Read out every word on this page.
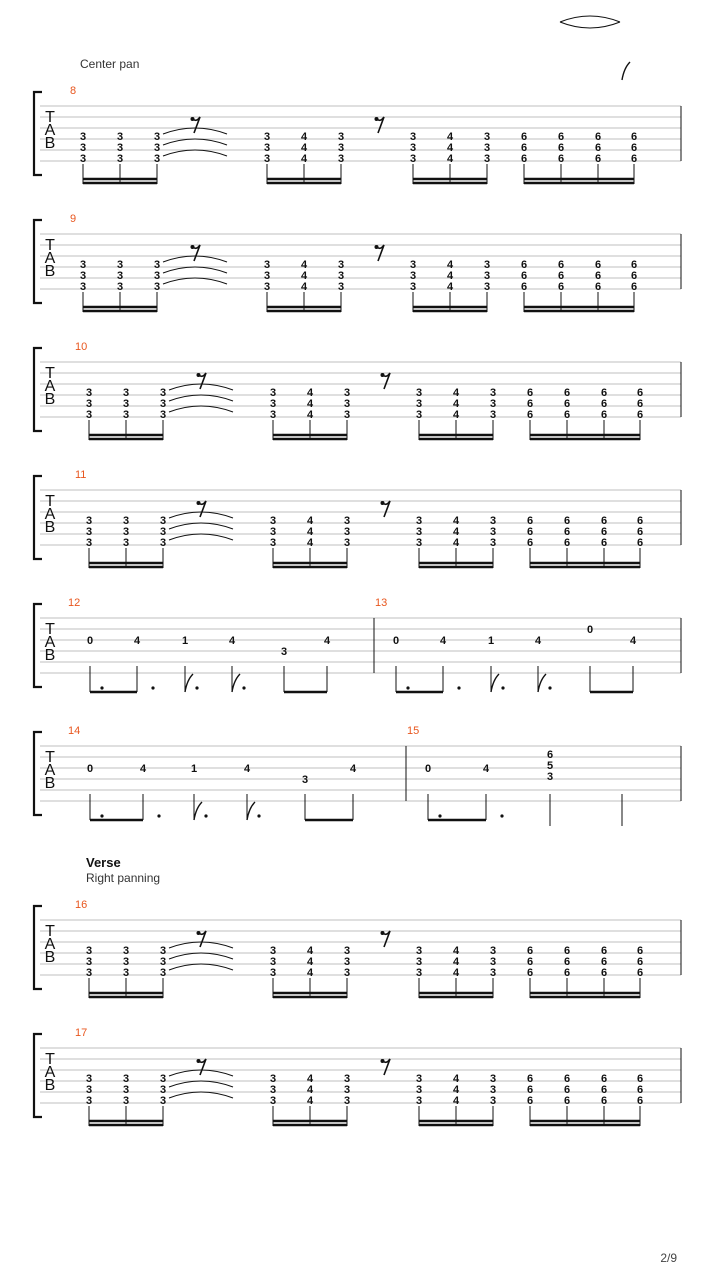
Center pan
Verse
Right panning
T
A
B
8
3
3
3
3
3
3
3
3
3
3
3
3
4
4
4
3
3
3
3
3
3
4
4
4
3
3
3
6
6
6
6
6
6
6
6
6
6
6
6
T
A
B
9
3
3
3
3
3
3
3
3
3
3
3
3
4
4
4
3
3
3
3
3
3
4
4
4
3
3
3
6
6
6
6
6
6
6
6
6
6
6
6
T
A
B
10
3
3
3
3
3
3
3
3
3
3
3
3
4
4
4
3
3
3
3
3
3
4
4
4
3
3
3
6
6
6
6
6
6
6
6
6
6
6
6
T
A
B
11
3
3
3
3
3
3
3
3
3
3
3
3
4
4
4
3
3
3
3
3
3
4
4
4
3
3
3
6
6
6
6
6
6
6
6
6
6
6
6
T
A
B
12
0	4	1	4
3
4
13
0	4	1	4
0
4
T
A
B
14
0	4	1	4
3
4
15
0	4
6
5
3
T
A
B
16
3
3
3
3
3
3
3
3
3
3
3
3
4
4
4
3
3
3
3
3
3
4
4
4
3
3
3
6
6
6
6
6
6
6
6
6
6
6
6
T
A
B
17
3
3
3
3
3
3
3
3
3
3
3
3
4
4
4
3
3
3
3
3
3
4
4
4
3
3
3
6
6
6
6
6
6
6
6
6
6
6
6
2/9
